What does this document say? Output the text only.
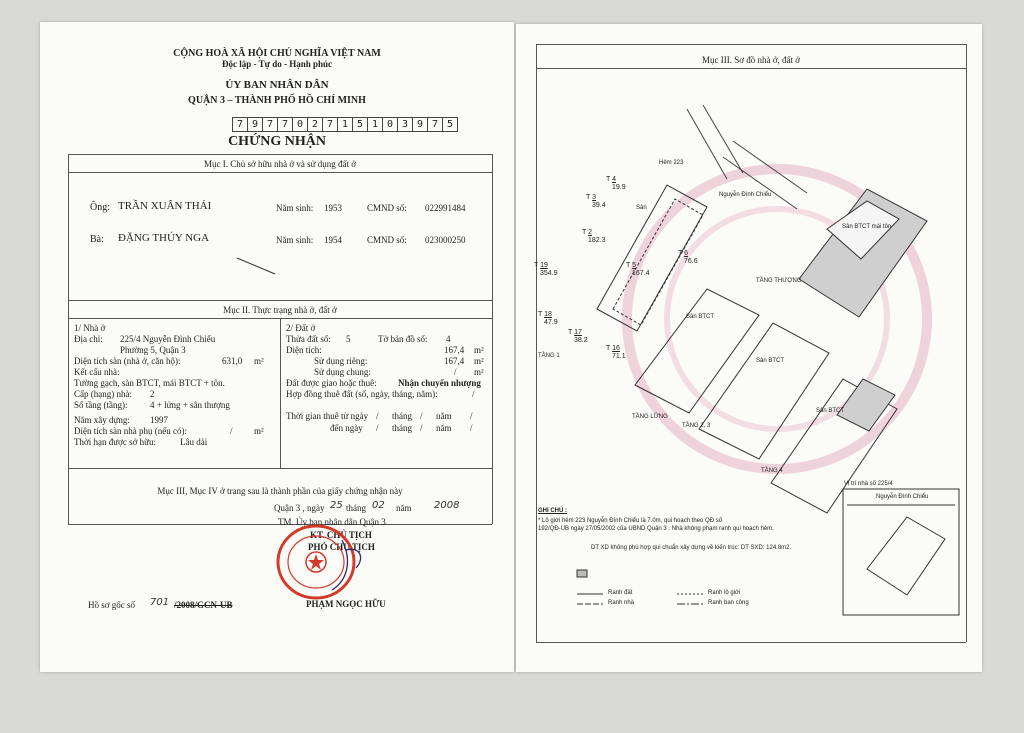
CỘNG HOÀ XÃ HỘI CHỦ NGHĨA VIỆT NAM
Độc lập - Tự do - Hạnh phúc
ỦY BAN NHÂN DÂN
QUẬN 3 – THÀNH PHỐ HỒ CHÍ MINH
7 9 7 7 0 2 7 1 5 1 0 3 9 7 5
CHỨNG NHẬN
Mục I. Chủ sở hữu nhà ở và sử dụng đất ở
Ông: TRẦN XUÂN THÁI	Năm sinh: 1953	CMND số: 022991484
Bà: ĐẶNG THÚY NGA	Năm sinh: 1954	CMND số: 023000250
Mục II. Thực trạng nhà ở, đất ở
1/ Nhà ở
Địa chỉ: 225/4 Nguyễn Đình Chiểu
Phường 5, Quận 3
Diện tích sàn (nhà ở, căn hộ):	631,0 m²
Kết cấu nhà:
Tường gạch, sàn BTCT, mái BTCT + tôn.
Cấp (hạng) nhà: 2
Số tầng (tầng):	4 + lửng + sân thượng
Năm xây dựng: 1997
Diện tích sàn nhà phụ (nếu có):	/ m²
Thời hạn được sở hữu:	Lâu dài
2/ Đất ở
Thửa đất số: 5	Tờ bản đồ số: 4
Diện tích:	167,4 m²
Sử dụng riêng:	167,4 m²
Sử dụng chung:	/ m²
Đất được giao hoặc thuê: Nhận chuyển nhượng
Hợp đồng thuê đất (số, ngày, tháng, năm):	/
Thời gian thuê từ ngày / tháng / năm /
đến ngày / tháng / năm /
Mục III, Mục IV ở trang sau là thành phần của giấy chứng nhận này
Quận 3 , ngày 25 tháng 02 năm 2008
TM. Ủy ban nhân dân Quận 3
KT. CHỦ TỊCH
PHÓ CHỦ TỊCH
PHẠM NGỌC HỮU
Hồ sơ gốc số 701 /2008/GCN-UB
Mục III. Sơ đồ nhà ở, đất ở
T 4
19.9
T 3
39.4
T 2
182.3
T 19
354.9
T 5
167.4
T 6
76.6
T 18
47.9
T 17
38.2
T 16
71.1
Hẻm 223
Nguyễn Đình Chiểu
TẦNG 1
TẦNG LỬNG
TẦNG 2, 3
TẦNG 4
TẦNG THƯỢNG
Sân
Sân BTCT
Sân BTCT
Sân BTCT
Sân BTCT mái tôn
GHI CHÚ :
* Lộ giới hẻm 223 Nguyễn Đình Chiểu là 7.0m, qui hoạch theo QĐ số
192/QĐ-UB ngày 27/05/2002 của UBND Quận 3 . Nhà không phạm ranh qui hoạch hẻm.
DT XD không phù hợp qui chuẩn xây dựng về kiến trúc: DT SXD: 124.8m2.
Ranh đất
Ranh nhà
Ranh lộ giới
Ranh ban công
Vị trí nhà số 225/4
Nguyễn Đình Chiểu
